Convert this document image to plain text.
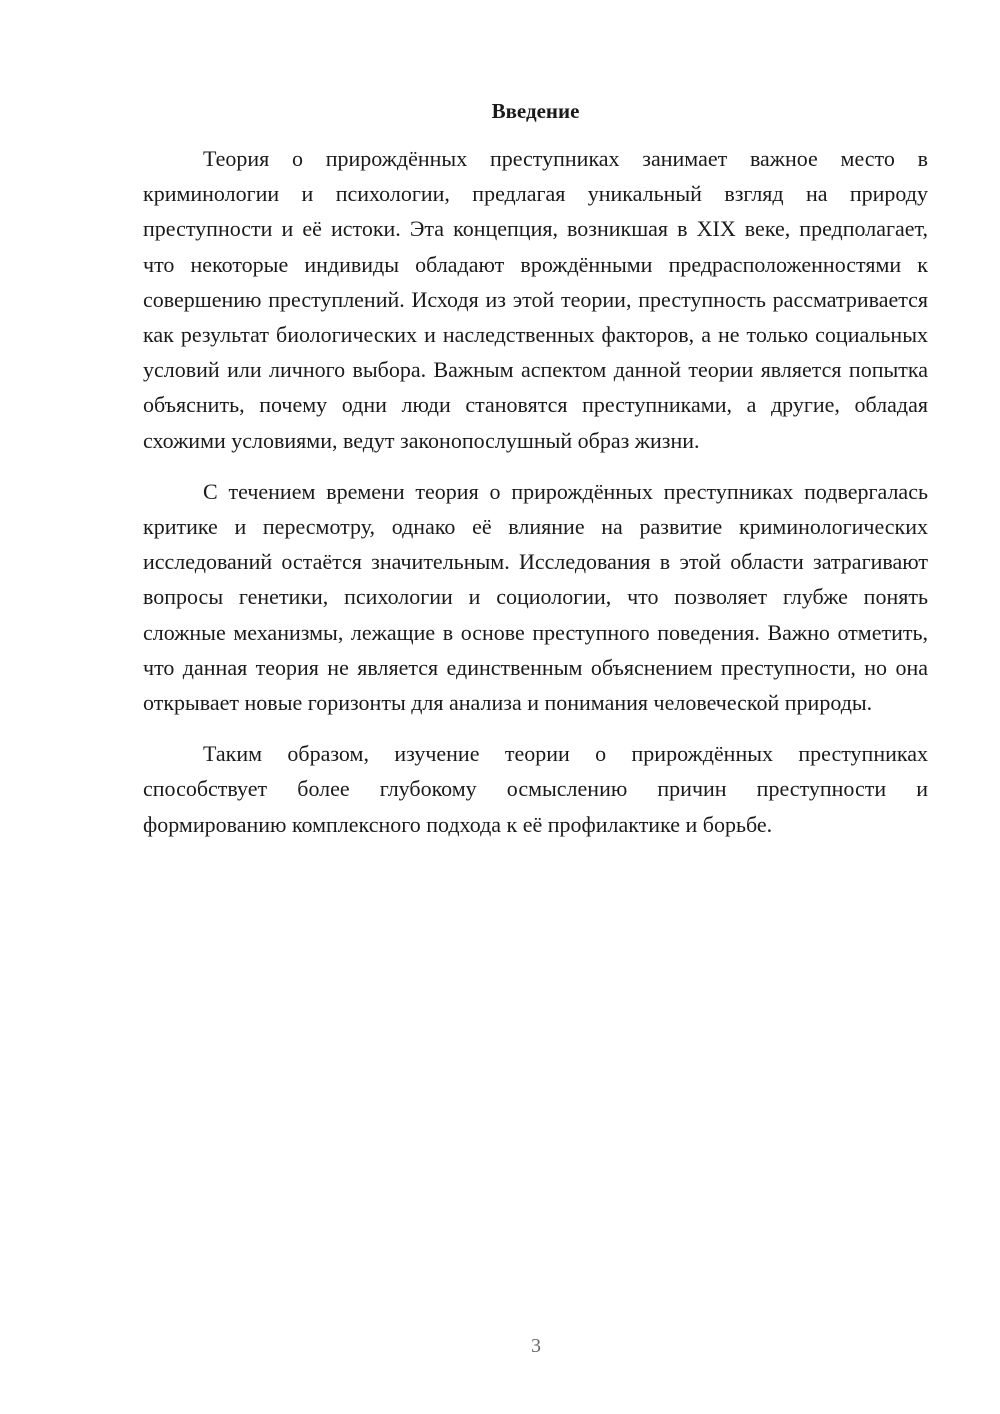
Введение

Теория о прирождённых преступниках занимает важное место в криминологии и психологии, предлагая уникальный взгляд на природу преступности и её истоки. Эта концепция, возникшая в XIX веке, предполагает, что некоторые индивиды обладают врождёнными предрасположенностями к совершению преступлений. Исходя из этой теории, преступность рассматривается как результат биологических и наследственных факторов, а не только социальных условий или личного выбора. Важным аспектом данной теории является попытка объяснить, почему одни люди становятся преступниками, а другие, обладая схожими условиями, ведут законопослушный образ жизни.

С течением времени теория о прирождённых преступниках подвергалась критике и пересмотру, однако её влияние на развитие криминологических исследований остаётся значительным. Исследования в этой области затрагивают вопросы генетики, психологии и социологии, что позволяет глубже понять сложные механизмы, лежащие в основе преступного поведения. Важно отметить, что данная теория не является единственным объяснением преступности, но она открывает новые горизонты для анализа и понимания человеческой природы.

Таким образом, изучение теории о прирождённых преступниках способствует более глубокому осмыслению причин преступности и формированию комплексного подхода к её профилактике и борьбе.

3
